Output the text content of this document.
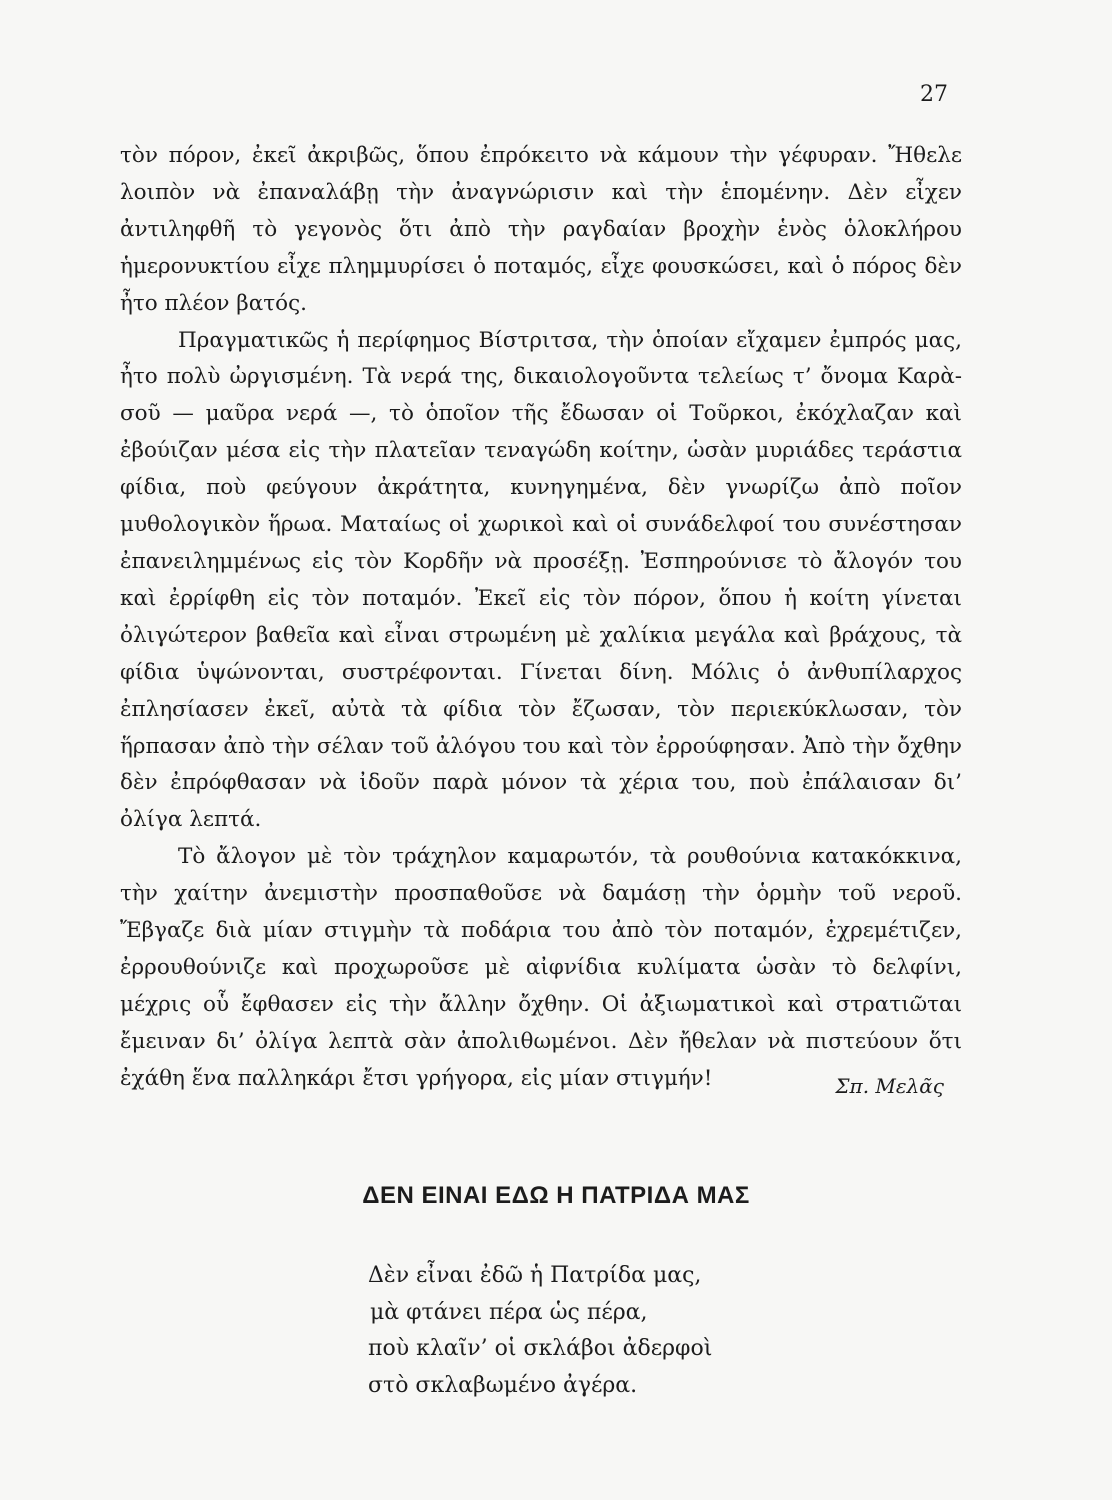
27

τὸν πόρον, ἐκεῖ ἀκριβῶς, ὅπου ἐπρόκειτο νὰ κάμουν τὴν γέφυραν. Ἤθελε λοιπὸν νὰ ἐπαναλάβῃ τὴν ἀναγνώρισιν καὶ τὴν ἑπομένην. Δὲν εἶχεν ἀντιληφθῆ τὸ γεγονὸς ὅτι ἀπὸ τὴν ραγδαίαν βροχὴν ἑνὸς ὁλοκλήρου ἡμερονυκτίου εἶχε πλημμυρίσει ὁ ποταμός, εἶχε φουσκώσει, καὶ ὁ πόρος δὲν ἦτο πλέον βατός.

Πραγματικῶς ἡ περίφημος Βίστριτσα, τὴν ὁποίαν εἴχαμεν ἐμπρός μας, ἦτο πολὺ ὠργισμένη. Τὰ νερά της, δικαιολογοῦντα τελείως τ’ ὄνομα Καρὰ-σοῦ — μαῦρα νερά —, τὸ ὁποῖον τῆς ἔδωσαν οἱ Τοῦρκοι, ἐκόχλαζαν καὶ ἐβούιζαν μέσα εἰς τὴν πλατεῖαν τεναγώδη κοίτην, ὡσὰν μυριάδες τεράστια φίδια, ποὺ φεύγουν ἀκράτητα, κυνηγημένα, δὲν γνωρίζω ἀπὸ ποῖον μυθολογικὸν ἥρωα. Ματαίως οἱ χωρικοὶ καὶ οἱ συνάδελφοί του συνέστησαν ἐπανειλημμένως εἰς τὸν Κορδῆν νὰ προσέξῃ. Ἐσπηρούνισε τὸ ἄλογόν του καὶ ἐρρίφθη εἰς τὸν ποταμόν. Ἐκεῖ εἰς τὸν πόρον, ὅπου ἡ κοίτη γίνεται ὀλιγώτερον βαθεῖα καὶ εἶναι στρωμένη μὲ χαλίκια μεγάλα καὶ βράχους, τὰ φίδια ὑψώνονται, συστρέφονται. Γίνεται δίνη. Μόλις ὁ ἀνθυπίλαρχος ἐπλησίασεν ἐκεῖ, αὐτὰ τὰ φίδια τὸν ἔζωσαν, τὸν περιεκύκλωσαν, τὸν ἥρπασαν ἀπὸ τὴν σέλαν τοῦ ἀλόγου του καὶ τὸν ἐρρούφησαν. Ἀπὸ τὴν ὄχθην δὲν ἐπρόφθασαν νὰ ἰδοῦν παρὰ μόνον τὰ χέρια του, ποὺ ἐπάλαισαν δι’ ὀλίγα λεπτά.

Τὸ ἄλογον μὲ τὸν τράχηλον καμαρωτόν, τὰ ρουθούνια κατακόκκινα, τὴν χαίτην ἀνεμιστὴν προσπαθοῦσε νὰ δαμάσῃ τὴν ὁρμὴν τοῦ νεροῦ. Ἔβγαζε διὰ μίαν στιγμὴν τὰ ποδάρια του ἀπὸ τὸν ποταμόν, ἐχρεμέτιζεν, ἐρρουθούνιζε καὶ προχωροῦσε μὲ αἰφνίδια κυλίματα ὡσὰν τὸ δελφίνι, μέχρις οὗ ἔφθασεν εἰς τὴν ἄλλην ὄχθην. Οἱ ἀξιωματικοὶ καὶ στρατιῶται ἔμειναν δι’ ὀλίγα λεπτὰ σὰν ἀπολιθωμένοι. Δὲν ἤθελαν νὰ πιστεύουν ὅτι ἐχάθη ἕνα παλληκάρι ἔτσι γρήγορα, εἰς μίαν στιγμήν!	Σπ. Μελᾶς
ΔΕΝ ΕΙΝΑΙ ΕΔΩ Η ΠΑΤΡΙΔΑ ΜΑΣ
Δὲν εἶναι ἐδῶ ἡ Πατρίδα μας,
μὰ φτάνει πέρα ὡς πέρα,
ποὺ κλαῖν’ οἱ σκλάβοι ἀδερφοὶ
στὸ σκλαβωμένο ἀγέρα.
